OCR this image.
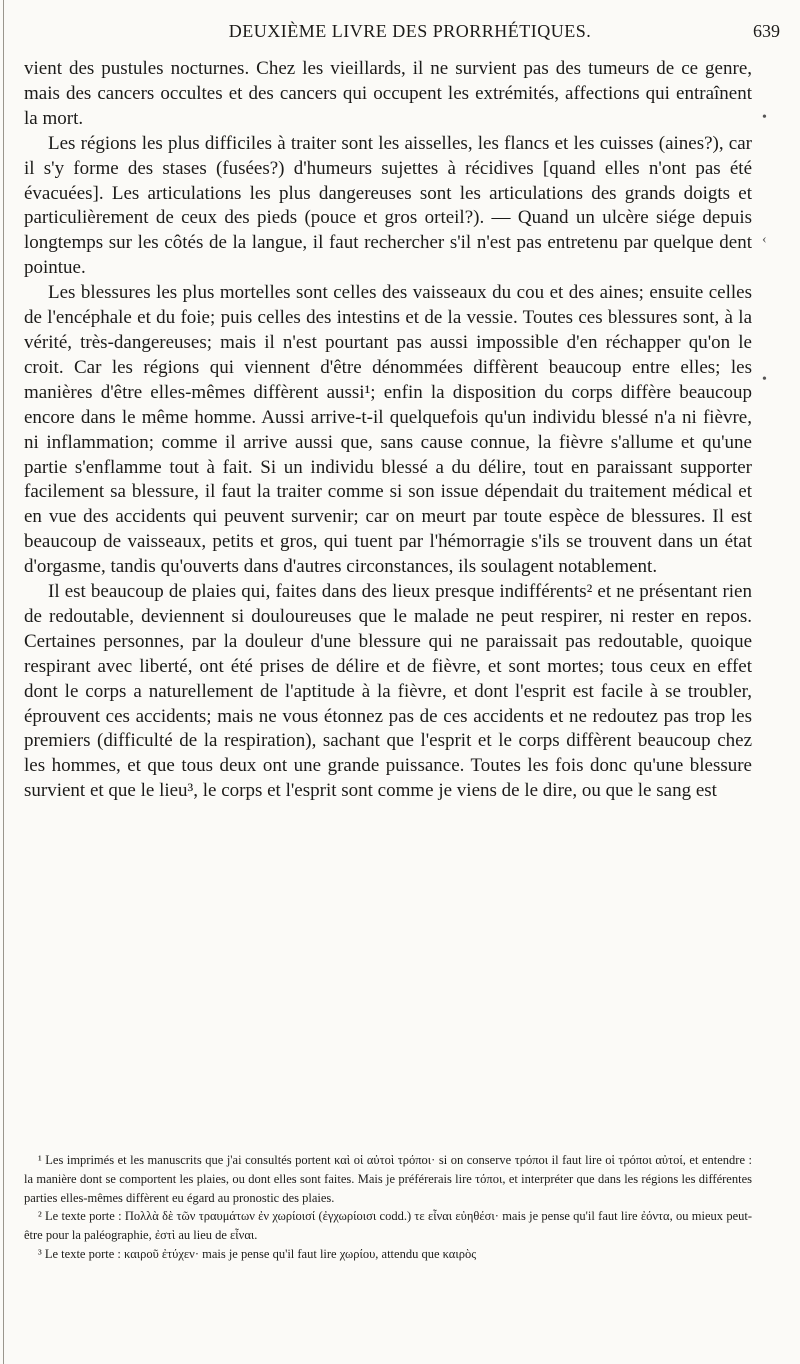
DEUXIÈME LIVRE DES PRORRHÉTIQUES.	639

vient des pustules nocturnes. Chez les vieillards, il ne survient pas des tumeurs de ce genre, mais des cancers occultes et des cancers qui occupent les extrémités, affections qui entraînent la mort.

Les régions les plus difficiles à traiter sont les aisselles, les flancs et les cuisses (aines?), car il s'y forme des stases (fusées?) d'humeurs sujettes à récidives [quand elles n'ont pas été évacuées]. Les articulations les plus dangereuses sont les articulations des grands doigts et particulièrement de ceux des pieds (pouce et gros orteil?). — Quand un ulcère siége depuis longtemps sur les côtés de la langue, il faut rechercher s'il n'est pas entretenu par quelque dent pointue.

Les blessures les plus mortelles sont celles des vaisseaux du cou et des aines; ensuite celles de l'encéphale et du foie; puis celles des intestins et de la vessie. Toutes ces blessures sont, à la vérité, très-dangereuses; mais il n'est pourtant pas aussi impossible d'en réchapper qu'on le croit. Car les régions qui viennent d'être dénommées diffèrent beaucoup entre elles; les manières d'être elles-mêmes diffèrent aussi¹; enfin la disposition du corps diffère beaucoup encore dans le même homme. Aussi arrive-t-il quelquefois qu'un individu blessé n'a ni fièvre, ni inflammation; comme il arrive aussi que, sans cause connue, la fièvre s'allume et qu'une partie s'enflamme tout à fait. Si un individu blessé a du délire, tout en paraissant supporter facilement sa blessure, il faut la traiter comme si son issue dépendait du traitement médical et en vue des accidents qui peuvent survenir; car on meurt par toute espèce de blessures. Il est beaucoup de vaisseaux, petits et gros, qui tuent par l'hémorragie s'ils se trouvent dans un état d'orgasme, tandis qu'ouverts dans d'autres circonstances, ils soulagent notablement.

Il est beaucoup de plaies qui, faites dans des lieux presque indifférents² et ne présentant rien de redoutable, deviennent si douloureuses que le malade ne peut respirer, ni rester en repos. Certaines personnes, par la douleur d'une blessure qui ne paraissait pas redoutable, quoique respirant avec liberté, ont été prises de délire et de fièvre, et sont mortes; tous ceux en effet dont le corps a naturellement de l'aptitude à la fièvre, et dont l'esprit est facile à se troubler, éprouvent ces accidents; mais ne vous étonnez pas de ces accidents et ne redoutez pas trop les premiers (difficulté de la respiration), sachant que l'esprit et le corps diffèrent beaucoup chez les hommes, et que tous deux ont une grande puissance. Toutes les fois donc qu'une blessure survient et que le lieu³, le corps et l'esprit sont comme je viens de le dire, ou que le sang est

¹ Les imprimés et les manuscrits que j'ai consultés portent καὶ οἱ αὐτοὶ τρόποι· si on conserve τρόποι il faut lire οἱ τρόποι αὐτοί, et entendre : la manière dont se comportent les plaies, ou dont elles sont faites. Mais je préférerais lire τόποι, et interpréter que dans les régions les différentes parties elles-mêmes diffèrent eu égard au pronostic des plaies.

² Le texte porte : Πολλὰ δὲ τῶν τραυμάτων ἐν χωρίοισί (ἐγχωρίοισι codd.) τε εἶναι εὐηθέσι· mais je pense qu'il faut lire ἐόντα, ou mieux peut-être pour la paléographie, ἐστὶ au lieu de εἶναι.

³ Le texte porte : καιροῦ ἐτύχεν· mais je pense qu'il faut lire χωρίου, attendu que καιρὸς

•
•
‹
